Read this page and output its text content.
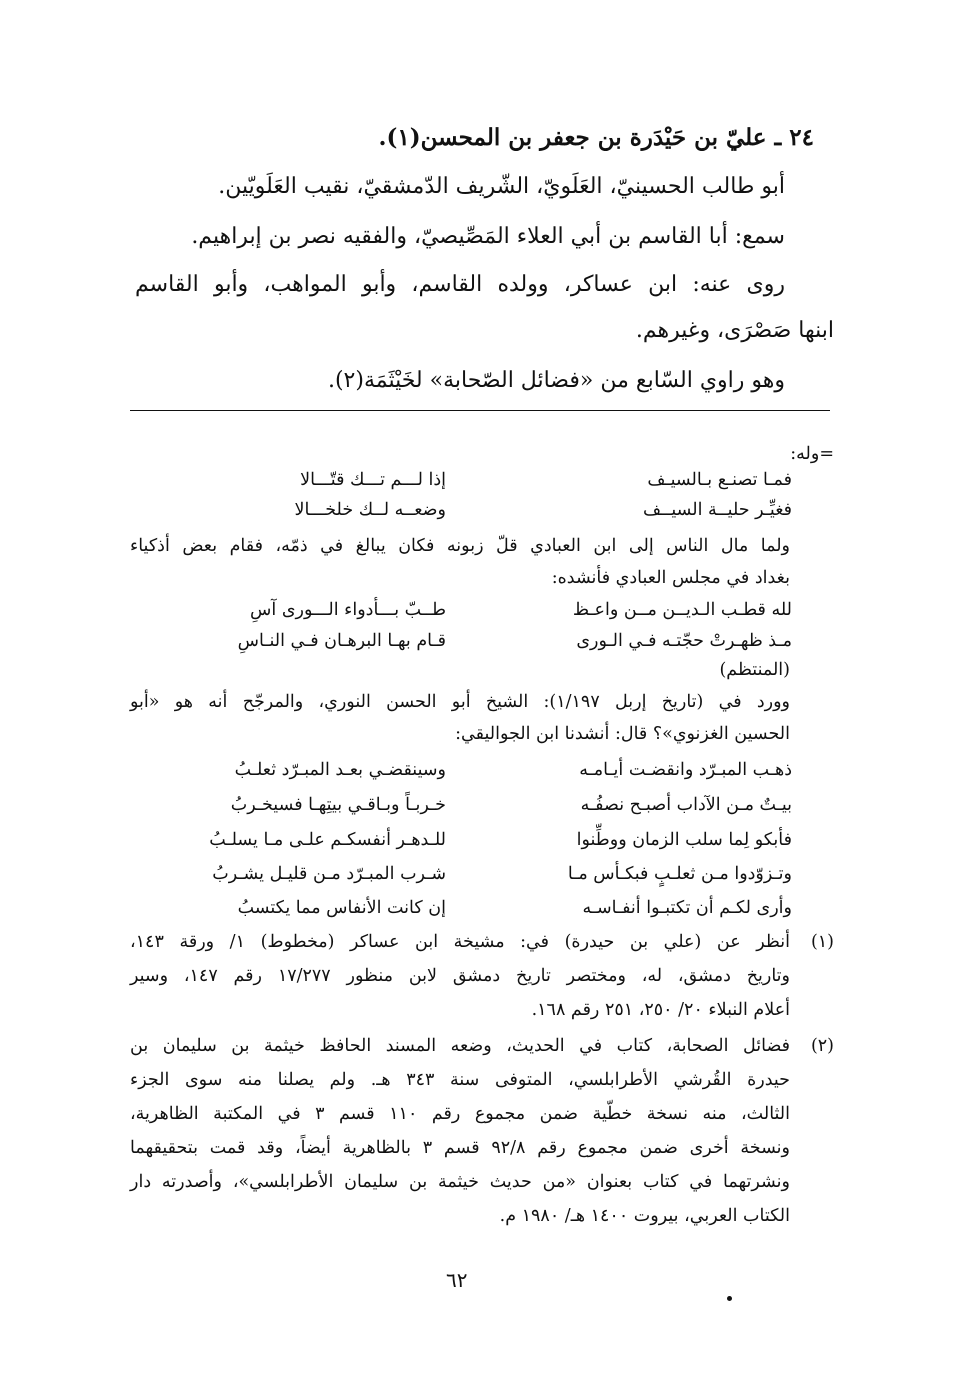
٢٤ ـ عليّ بن حَيْدَرة بن جعفر بن المحسن(١).
أبو طالب الحسينيّ، العَلَويّ، الشّريف الدّمشقيّ، نقيب العَلَويّين.
سمع: أبا القاسم بن أبي العلاء المَصِّيصيّ، والفقيه نصر بن إبراهيم.
روى عنه: ابن عساكر، وولده القاسم، وأبو المواهب، وأبو القاسم
ابنها صَصْرَى، وغيرهم.
وهو راوي السّابع من «فضائل الصّحابة» لخَيْثَمَة(٢).
=وله:
فمـا تصنـع بـالسيـف
إذا لـــم تـــك قتّـــالا
فغيِّـر حليــة السيــف
وضعــه لــك خلخـــالا
ولما مال الناس إلى ابن العبادي قلّ زبونه فكان يبالغ في ذمّه، فقام بعض أذكياء
بغداد في مجلس العبادي فأنشده:
لله قطـب الـديــن مــن واعـظ
طــبّ بـــأدواء الـــورى آسِ
مـذ ظهـرتْ حجّتـه فـي الـورى
قـام بهـا البرهـان فـي النـاسِ
(المنتظم)
وورد في (تاريخ إربل ١/١٩٧): الشيخ أبو الحسن النوري، والمرجّح أنه هو «أبو
الحسين الغزنوي»؟ قال: أنشدنا ابن الجواليقي:
ذهـب المبـرّد وانقضـت أيـامـه
وسينقضـي بعـد المبـرّد ثعلـبُ
بيـتٌ مـن الآداب أصبـح نصفُـه
خـربـاً وبـاقـي بيتِهـا فسيخـربُ
فأبكو لِما سلب الزمان ووطِّنوا
للـدهـر أنفسكـم علـى مـا يسلـبُ
وتـزوّدوا مـن ثعلـبٍ فبكـأس مـا
شـرب المبـرّد مـن قليـل يشـربُ
وأرى لكـم أن تكتبـوا أنفـاسـه
إن كانت الأنفاس مما يكتسبُ
(١)
أنظر عن (علي بن حيدرة) في: مشيخة ابن عساكر (مخطوط) ١/ ورقة ١٤٣،
وتاريخ دمشق، له، ومختصر تاريخ دمشق لابن منظور ١٧/٢٧٧ رقم ١٤٧، وسير
أعلام النبلاء ٢٠/ ٢٥٠، ٢٥١ رقم ١٦٨.
(٢)
فضائل الصحابة، كتاب في الحديث، وضعه المسند الحافظ خيثمة بن سليمان بن
حيدرة القُرشي الأطرابلسي، المتوفى سنة ٣٤٣ هـ. ولم يصلنا منه سوى الجزء
الثالث، منه نسخة خطّية ضمن مجموع رقم ١١٠ قسم ٣ في المكتبة الظاهرية،
ونسخة أخرى ضمن مجموع رقم ٩٢/٨ قسم ٣ بالظاهرية أيضاً، وقد قمت بتحقيقهما
ونشرتهما في كتاب بعنوان «من حديث خيثمة بن سليمان الأطرابلسي»، وأصدرته دار
الكتاب العربي، بيروت ١٤٠٠ هـ/ ١٩٨٠ م.
٦٢
